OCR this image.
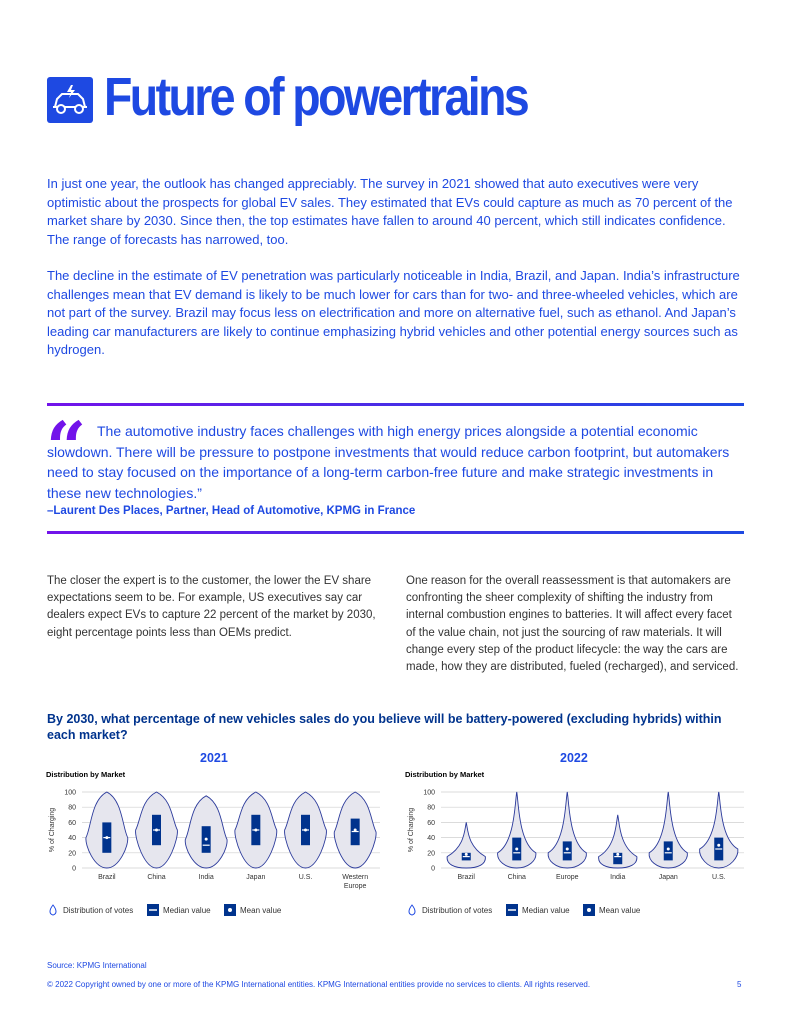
Future of powertrains
In just one year, the outlook has changed appreciably. The survey in 2021 showed that auto executives were very optimistic about the prospects for global EV sales. They estimated that EVs could capture as much as 70 percent of the market share by 2030. Since then, the top estimates have fallen to around 40 percent, which still indicates confidence. The range of forecasts has narrowed, too.
The decline in the estimate of EV penetration was particularly noticeable in India, Brazil, and Japan. India’s infrastructure challenges mean that EV demand is likely to be much lower for cars than for two- and three-wheeled vehicles, which are not part of the survey. Brazil may focus less on electrification and more on alternative fuel, such as ethanol. And Japan’s leading car manufacturers are likely to continue emphasizing hybrid vehicles and other potential energy sources such as hydrogen.
“ The automotive industry faces challenges with high energy prices alongside a potential economic slowdown. There will be pressure to postpone investments that would reduce carbon footprint, but automakers need to stay focused on the importance of a long-term carbon-free future and make strategic investments in these new technologies.”
–Laurent Des Places, Partner, Head of Automotive, KPMG in France
The closer the expert is to the customer, the lower the EV share expectations seem to be. For example, US executives say car dealers expect EVs to capture 22 percent of the market by 2030, eight percentage points less than OEMs predict.
One reason for the overall reassessment is that automakers are confronting the sheer complexity of shifting the industry from internal combustion engines to batteries. It will affect every facet of the value chain, not just the sourcing of raw materials. It will change every step of the product lifecycle: the way the cars are made, how they are distributed, fueled (recharged), and serviced.
By 2030, what percentage of new vehicles sales do you believe will be battery-powered (excluding hybrids) within each market?
2021
Distribution by Market
% of Charging
0
20
40
60
80
100
Brazil	China	India	Japan	U.S.	Western Europe
2022
Distribution by Market
% of Charging
0
20
40
60
80
100
Brazil	China	Europe	India	Japan	U.S.
Distribution of votes	Median value	Mean value	Distribution of votes	Median value	Mean value
Source: KPMG International
© 2022 Copyright owned by one or more of the KPMG International entities. KPMG International entities provide no services to clients. All rights reserved.	5
